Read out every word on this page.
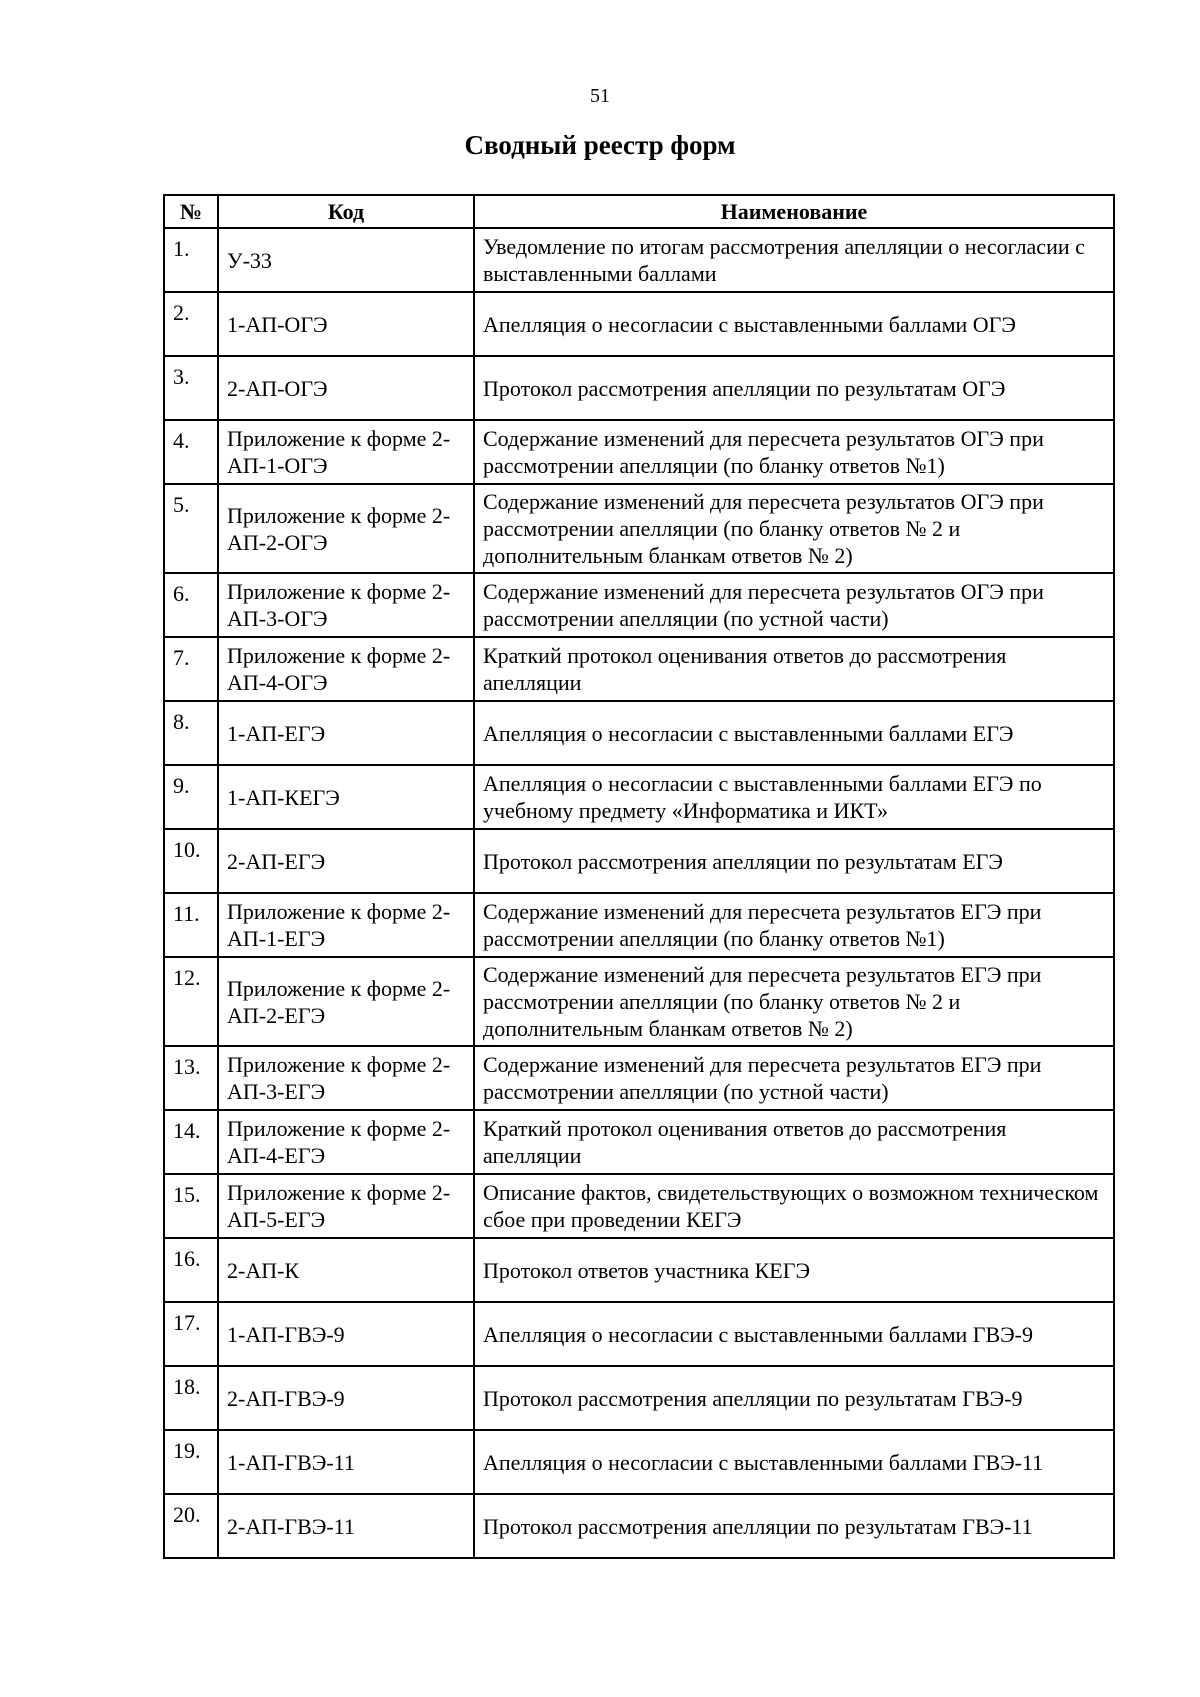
51
Сводный реестр форм
№	Код	Наименование
1.	У-33	Уведомление по итогам рассмотрения апелляции о несогласии с выставленными баллами
2.	1-АП-ОГЭ	Апелляция о несогласии с выставленными баллами ОГЭ
3.	2-АП-ОГЭ	Протокол рассмотрения апелляции по результатам ОГЭ
4.	Приложение к форме 2-АП-1-ОГЭ	Содержание изменений для пересчета результатов ОГЭ при рассмотрении апелляции (по бланку ответов №1)
5.	Приложение к форме 2-АП-2-ОГЭ	Содержание изменений для пересчета результатов ОГЭ при рассмотрении апелляции (по бланку ответов № 2 и дополнительным бланкам ответов № 2)
6.	Приложение к форме 2-АП-3-ОГЭ	Содержание изменений для пересчета результатов ОГЭ при рассмотрении апелляции (по устной части)
7.	Приложение к форме 2-АП-4-ОГЭ	Краткий протокол оценивания ответов до рассмотрения апелляции
8.	1-АП-ЕГЭ	Апелляция о несогласии с выставленными баллами ЕГЭ
9.	1-АП-КЕГЭ	Апелляция о несогласии с выставленными баллами ЕГЭ по учебному предмету «Информатика и ИКТ»
10.	2-АП-ЕГЭ	Протокол рассмотрения апелляции по результатам ЕГЭ
11.	Приложение к форме 2-АП-1-ЕГЭ	Содержание изменений для пересчета результатов ЕГЭ при рассмотрении апелляции (по бланку ответов №1)
12.	Приложение к форме 2-АП-2-ЕГЭ	Содержание изменений для пересчета результатов ЕГЭ при рассмотрении апелляции (по бланку ответов № 2 и дополнительным бланкам ответов № 2)
13.	Приложение к форме 2-АП-3-ЕГЭ	Содержание изменений для пересчета результатов ЕГЭ при рассмотрении апелляции (по устной части)
14.	Приложение к форме 2-АП-4-ЕГЭ	Краткий протокол оценивания ответов до рассмотрения апелляции
15.	Приложение к форме 2-АП-5-ЕГЭ	Описание фактов, свидетельствующих о возможном техническом сбое при проведении КЕГЭ
16.	2-АП-К	Протокол ответов участника КЕГЭ
17.	1-АП-ГВЭ-9	Апелляция о несогласии с выставленными баллами ГВЭ-9
18.	2-АП-ГВЭ-9	Протокол рассмотрения апелляции по результатам ГВЭ-9
19.	1-АП-ГВЭ-11	Апелляция о несогласии с выставленными баллами ГВЭ-11
20.	2-АП-ГВЭ-11	Протокол рассмотрения апелляции по результатам ГВЭ-11
